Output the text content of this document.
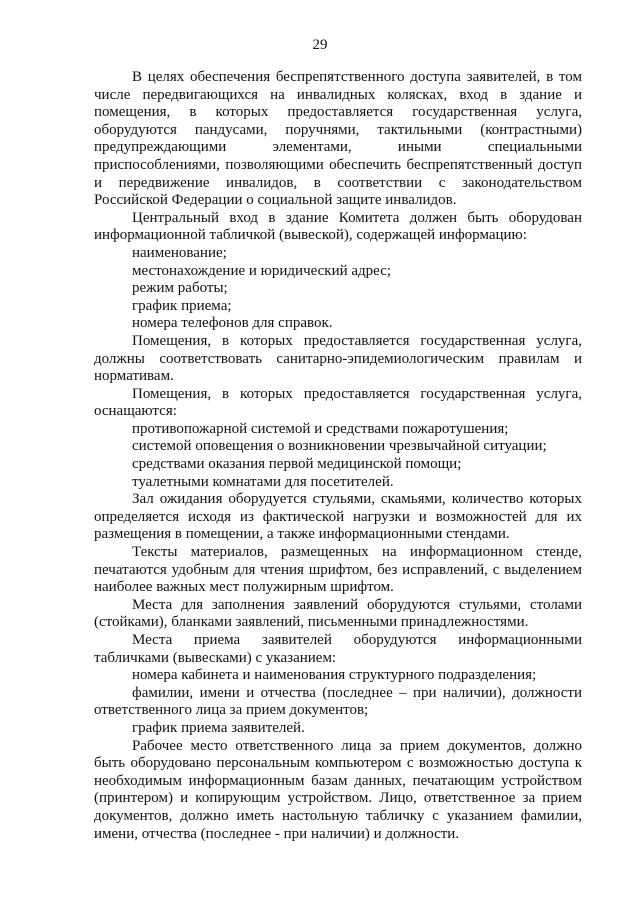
29

В целях обеспечения беспрепятственного доступа заявителей, в том числе передвигающихся на инвалидных колясках, вход в здание и помещения, в которых предоставляется государственная услуга, оборудуются пандусами, поручнями, тактильными (контрастными) предупреждающими элементами, иными специальными приспособлениями, позволяющими обеспечить беспрепятственный доступ и передвижение инвалидов, в соответствии с законодательством Российской Федерации о социальной защите инвалидов.

Центральный вход в здание Комитета должен быть оборудован информационной табличкой (вывеской), содержащей информацию:

наименование;

местонахождение и юридический адрес;

режим работы;

график приема;

номера телефонов для справок.

Помещения, в которых предоставляется государственная услуга, должны соответствовать санитарно-эпидемиологическим правилам и нормативам.

Помещения, в которых предоставляется государственная услуга, оснащаются:

противопожарной системой и средствами пожаротушения;

системой оповещения о возникновении чрезвычайной ситуации;

средствами оказания первой медицинской помощи;

туалетными комнатами для посетителей.

Зал ожидания оборудуется стульями, скамьями, количество которых определяется исходя из фактической нагрузки и возможностей для их размещения в помещении, а также информационными стендами.

Тексты материалов, размещенных на информационном стенде, печатаются удобным для чтения шрифтом, без исправлений, с выделением наиболее важных мест полужирным шрифтом.

Места для заполнения заявлений оборудуются стульями, столами (стойками), бланками заявлений, письменными принадлежностями.

Места приема заявителей оборудуются информационными табличками (вывесками) с указанием:

номера кабинета и наименования структурного подразделения;

фамилии, имени и отчества (последнее – при наличии), должности ответственного лица за прием документов;

график приема заявителей.

Рабочее место ответственного лица за прием документов, должно быть оборудовано персональным компьютером с возможностью доступа к необходимым информационным базам данных, печатающим устройством (принтером) и копирующим устройством. Лицо, ответственное за прием документов, должно иметь настольную табличку с указанием фамилии, имени, отчества (последнее - при наличии) и должности.
